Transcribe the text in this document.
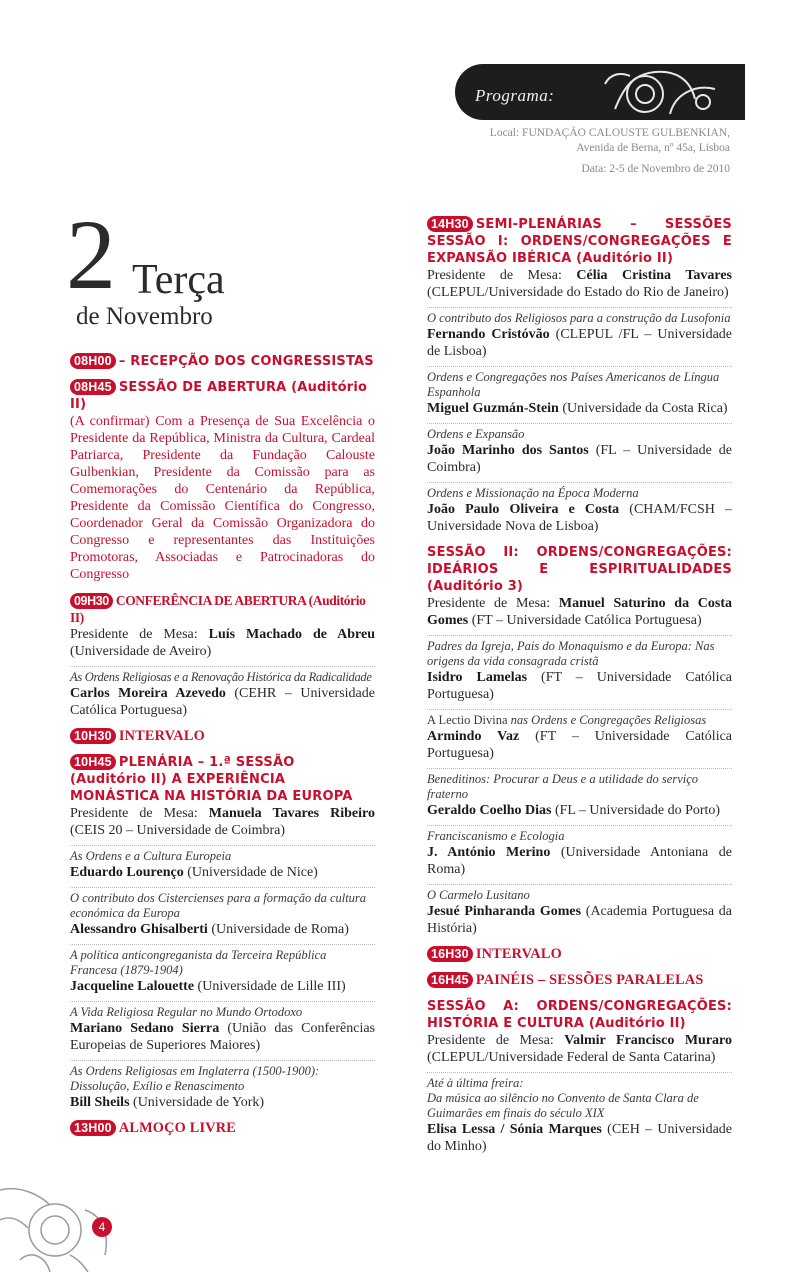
Programa:
Local: FUNDAÇÃO CALOUSTE GULBENKIAN,
Avenida de Berna, nº 45a, Lisboa
Data: 2-5 de Novembro de 2010
2 Terça
de Novembro
08H00 – RECEPÇÃO DOS CONGRESSISTAS
08H45 SESSÃO DE ABERTURA (Auditório II)
(A confirmar) Com a Presença de Sua Excelência o Presidente da República, Ministra da Cultura, Cardeal Patriarca, Presidente da Fundação Calouste Gulbenkian, Presidente da Comissão para as Comemorações do Centenário da República, Presidente da Comissão Científica do Congresso, Coordenador Geral da Comissão Organizadora do Congresso e representantes das Instituições Promotoras, Associadas e Patrocinadoras do Congresso
09H30 CONFERÊNCIA DE ABERTURA (Auditório II)
Presidente de Mesa: Luís Machado de Abreu (Universidade de Aveiro)
As Ordens Religiosas e a Renovação Histórica da Radicalidade
Carlos Moreira Azevedo (CEHR – Universidade Católica Portuguesa)
10H30 INTERVALO
10H45 PLENÁRIA – 1.ª SESSÃO (Auditório II) A EXPERIÊNCIA MONÁSTICA NA HISTÓRIA DA EUROPA
Presidente de Mesa: Manuela Tavares Ribeiro (CEIS 20 – Universidade de Coimbra)
As Ordens e a Cultura Europeia
Eduardo Lourenço (Universidade de Nice)
O contributo dos Cistercienses para a formação da cultura económica da Europa
Alessandro Ghisalberti (Universidade de Roma)
A política anticongreganista da Terceira República Francesa (1879-1904)
Jacqueline Lalouette (Universidade de Lille III)
A Vida Religiosa Regular no Mundo Ortodoxo
Mariano Sedano Sierra (União das Conferências Europeias de Superiores Maiores)
As Ordens Religiosas em Inglaterra (1500-1900): Dissolução, Exílio e Renascimento
Bill Sheils (Universidade de York)
13H00 ALMOÇO LIVRE
14H30 SEMI-PLENÁRIAS – SESSÕES SESSÃO I: ORDENS/CONGREGAÇÕES E EXPANSÃO IBÉRICA (Auditório II)
Presidente de Mesa: Célia Cristina Tavares (CLEPUL/Universidade do Estado do Rio de Janeiro)
O contributo dos Religiosos para a construção da Lusofonia
Fernando Cristóvão (CLEPUL /FL – Universidade de Lisboa)
Ordens e Congregações nos Países Americanos de Língua Espanhola
Miguel Guzmán-Stein (Universidade da Costa Rica)
Ordens e Expansão
João Marinho dos Santos (FL – Universidade de Coimbra)
Ordens e Missionação na Época Moderna
João Paulo Oliveira e Costa (CHAM/FCSH – Universidade Nova de Lisboa)
SESSÃO II: ORDENS/CONGREGAÇÕES: IDEÁRIOS E ESPIRITUALIDADES (Auditório 3)
Presidente de Mesa: Manuel Saturino da Costa Gomes (FT – Universidade Católica Portuguesa)
Padres da Igreja, Pais do Monaquismo e da Europa: Nas origens da vida consagrada cristã
Isidro Lamelas (FT – Universidade Católica Portuguesa)
A Lectio Divina nas Ordens e Congregações Religiosas
Armindo Vaz (FT – Universidade Católica Portuguesa)
Beneditinos: Procurar a Deus e a utilidade do serviço fraterno
Geraldo Coelho Dias (FL – Universidade do Porto)
Franciscanismo e Ecologia
J. António Merino (Universidade Antoniana de Roma)
O Carmelo Lusitano
Jesué Pinharanda Gomes (Academia Portuguesa da História)
16H30 INTERVALO
16H45 PAINÉIS – SESSÕES PARALELAS
SESSÃO A: ORDENS/CONGREGAÇÕES: HISTÓRIA E CULTURA (Auditório II)
Presidente de Mesa: Valmir Francisco Muraro (CLEPUL/Universidade Federal de Santa Catarina)
Até à última freira:
Da música ao silêncio no Convento de Santa Clara de Guimarães em finais do século XIX
Elisa Lessa / Sónia Marques (CEH – Universidade do Minho)
4
